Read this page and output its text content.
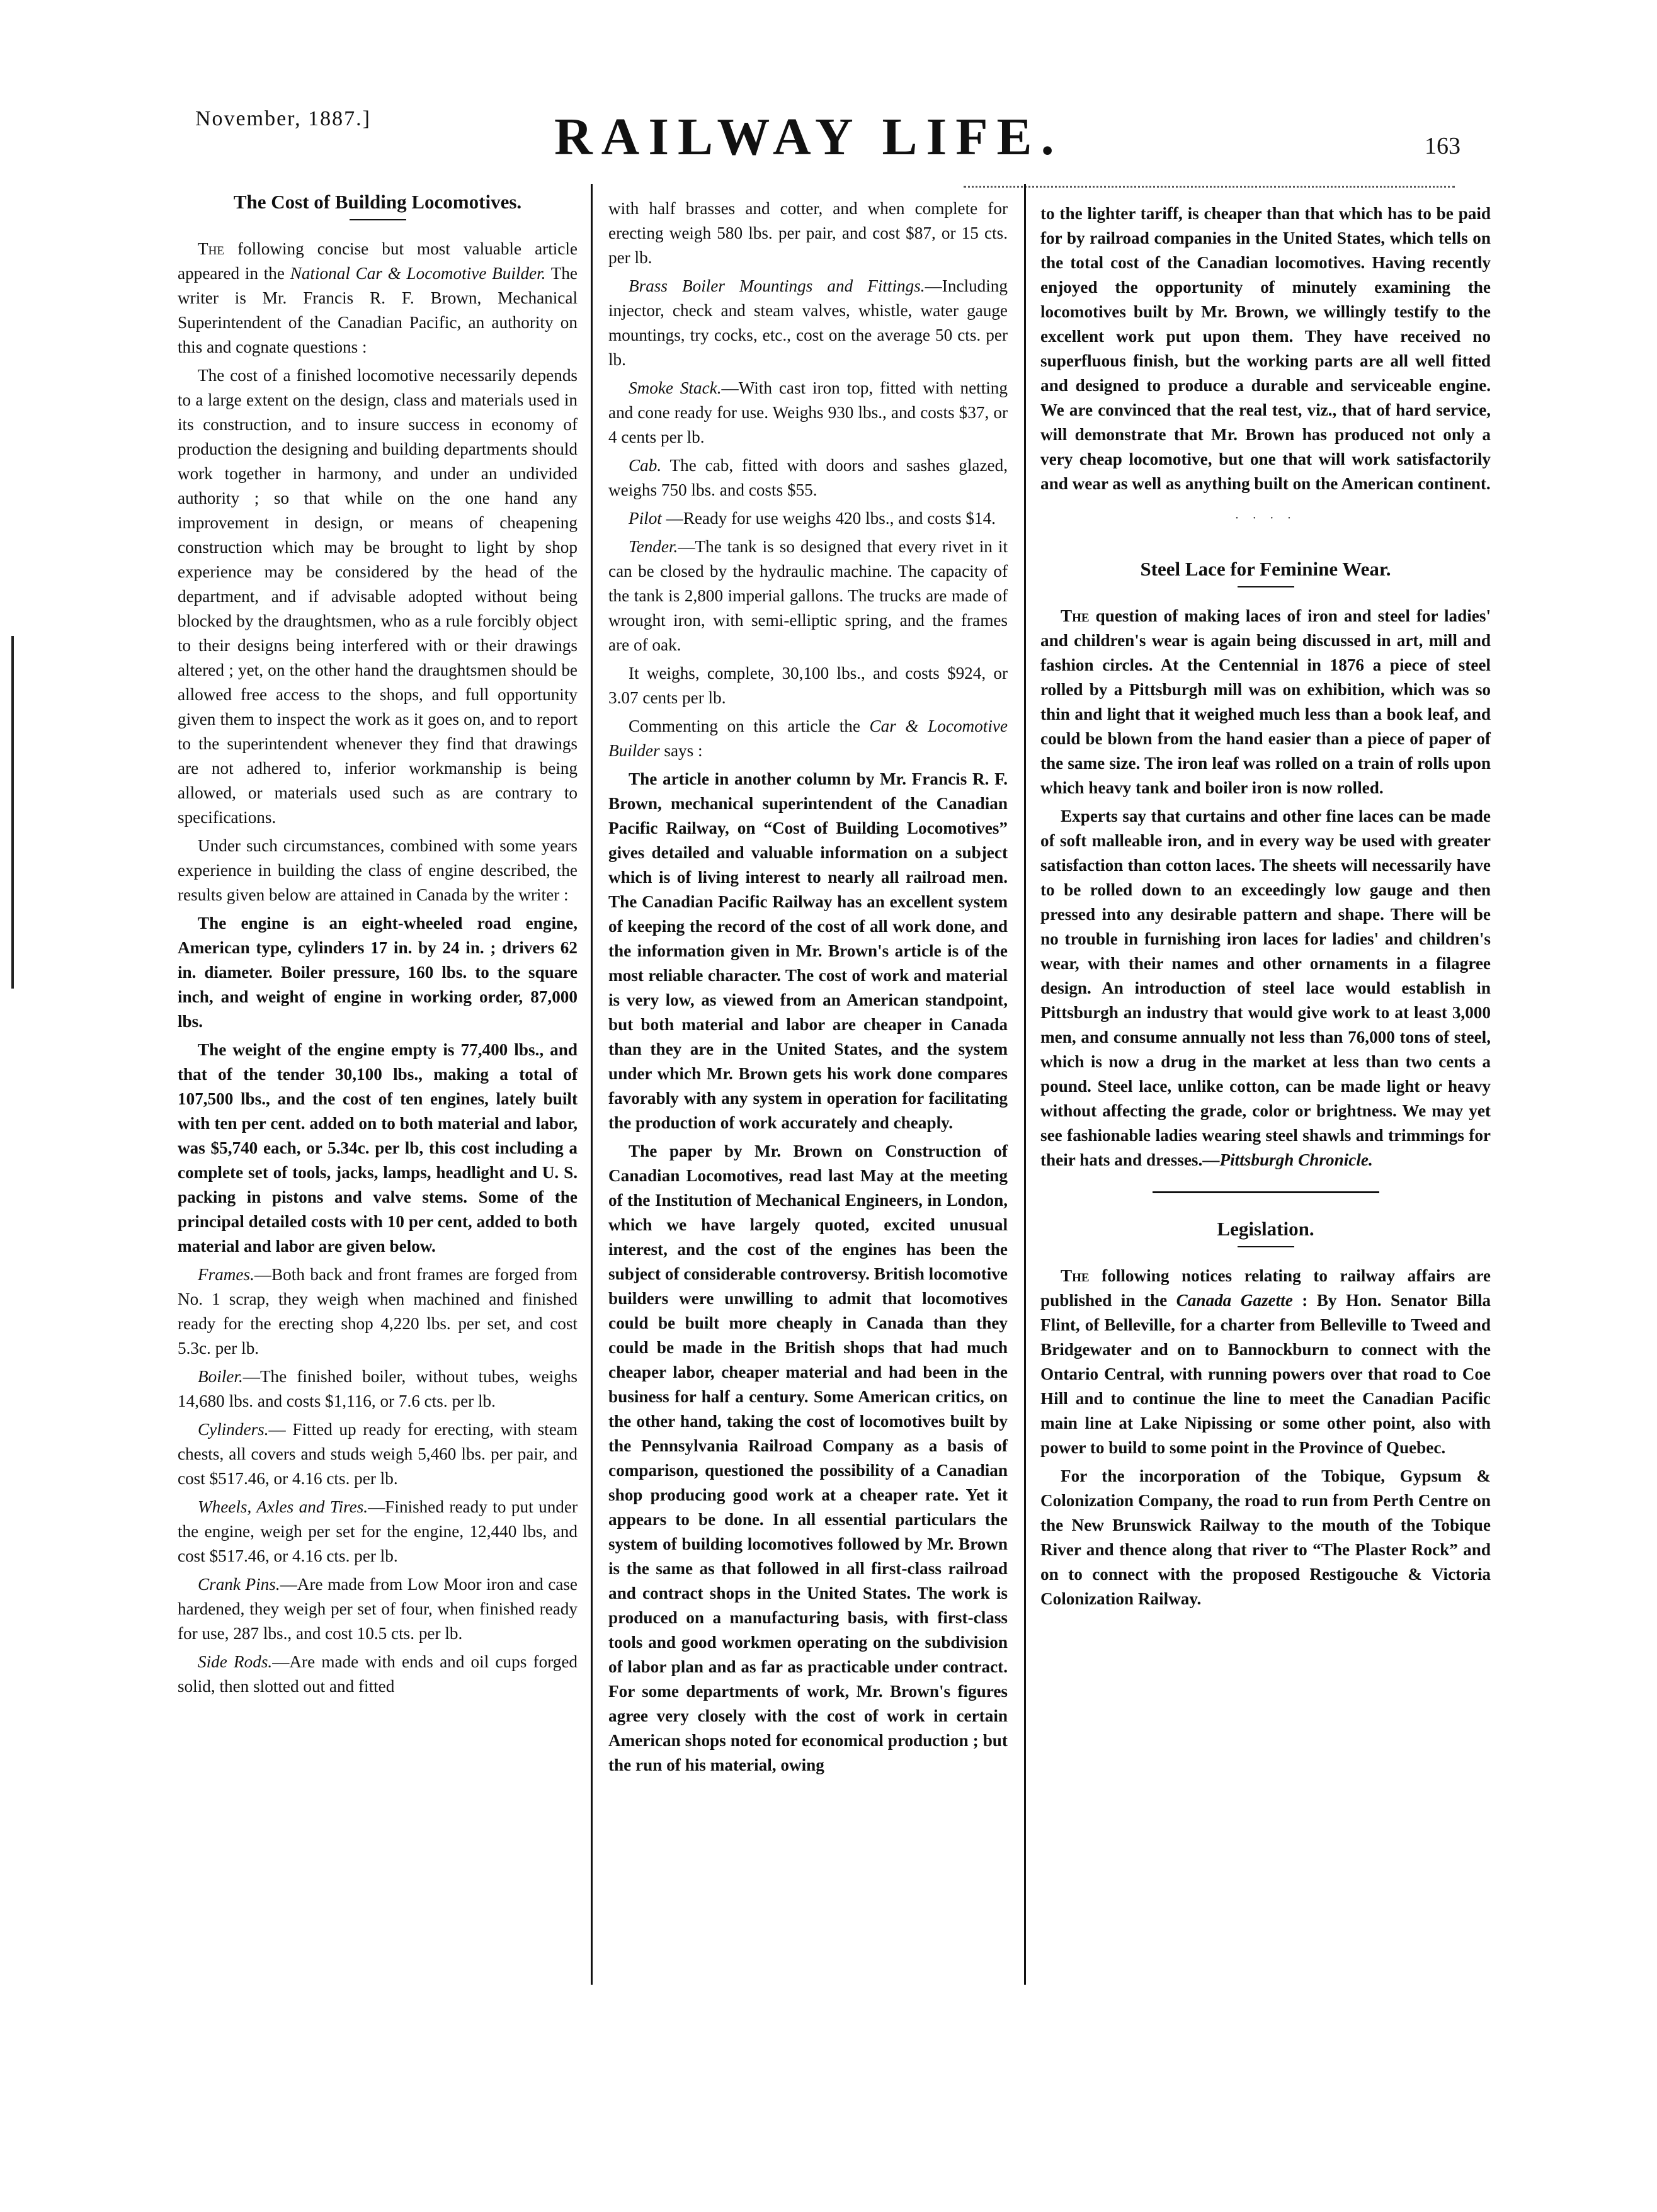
November, 1887.]	RAILWAY LIFE.	163
The Cost of Building Locomotives.

The following concise but most valuable article appeared in the National Car & Locomotive Builder. The writer is Mr. Francis R. F. Brown, Mechanical Superintendent of the Canadian Pacific, an authority on this and cognate questions :

The cost of a finished locomotive necessarily depends to a large extent on the design, class and materials used in its construction, and to insure success in economy of production the designing and building departments should work together in harmony, and under an undivided authority ; so that while on the one hand any improvement in design, or means of cheapening construction which may be brought to light by shop experience may be considered by the head of the department, and if advisable adopted without being blocked by the draughtsmen, who as a rule forcibly object to their designs being interfered with or their drawings altered ; yet, on the other hand the draughtsmen should be allowed free access to the shops, and full opportunity given them to inspect the work as it goes on, and to report to the superintendent whenever they find that drawings are not adhered to, inferior workmanship is being allowed, or materials used such as are contrary to specifications.

Under such circumstances, combined with some years experience in building the class of engine described, the results given below are attained in Canada by the writer :

The engine is an eight-wheeled road engine, American type, cylinders 17 in. by 24 in. ; drivers 62 in. diameter. Boiler pressure, 160 lbs. to the square inch, and weight of engine in working order, 87,000 lbs.

The weight of the engine empty is 77,400 lbs., and that of the tender 30,100 lbs., making a total of 107,500 lbs., and the cost of ten engines, lately built with ten per cent. added on to both material and labor, was $5,740 each, or 5.34c. per lb, this cost including a complete set of tools, jacks, lamps, headlight and U. S. packing in pistons and valve stems. Some of the principal detailed costs with 10 per cent, added to both material and labor are given below.

Frames.—Both back and front frames are forged from No. 1 scrap, they weigh when machined and finished ready for the erecting shop 4,220 lbs. per set, and cost 5.3c. per lb.

Boiler.—The finished boiler, without tubes, weighs 14,680 lbs. and costs $1,116, or 7.6 cts. per lb.

Cylinders.— Fitted up ready for erecting, with steam chests, all covers and studs weigh 5,460 lbs. per pair, and cost $517.46, or 4.16 cts. per lb.

Wheels, Axles and Tires.—Finished ready to put under the engine, weigh per set for the engine, 12,440 lbs, and cost $517.46, or 4.16 cts. per lb.

Crank Pins.—Are made from Low Moor iron and case hardened, they weigh per set of four, when finished ready for use, 287 lbs., and cost 10.5 cts. per lb.

Side Rods.—Are made with ends and oil cups forged solid, then slotted out and fitted

with half brasses and cotter, and when complete for erecting weigh 580 lbs. per pair, and cost $87, or 15 cts. per lb.

Brass Boiler Mountings and Fittings.—Including injector, check and steam valves, whistle, water gauge mountings, try cocks, etc., cost on the average 50 cts. per lb.

Smoke Stack.—With cast iron top, fitted with netting and cone ready for use. Weighs 930 lbs., and costs $37, or 4 cents per lb.

Cab. The cab, fitted with doors and sashes glazed, weighs 750 lbs. and costs $55.

Pilot —Ready for use weighs 420 lbs., and costs $14.

Tender.—The tank is so designed that every rivet in it can be closed by the hydraulic machine. The capacity of the tank is 2,800 imperial gallons. The trucks are made of wrought iron, with semi-elliptic spring, and the frames are of oak.

It weighs, complete, 30,100 lbs., and costs $924, or 3.07 cents per lb.

Commenting on this article the Car & Locomotive Builder says :

The article in another column by Mr. Francis R. F. Brown, mechanical superintendent of the Canadian Pacific Railway, on “Cost of Building Locomotives” gives detailed and valuable information on a subject which is of living interest to nearly all railroad men. The Canadian Pacific Railway has an excellent system of keeping the record of the cost of all work done, and the information given in Mr. Brown's article is of the most reliable character. The cost of work and material is very low, as viewed from an American standpoint, but both material and labor are cheaper in Canada than they are in the United States, and the system under which Mr. Brown gets his work done compares favorably with any system in operation for facilitating the production of work accurately and cheaply.

The paper by Mr. Brown on Construction of Canadian Locomotives, read last May at the meeting of the Institution of Mechanical Engineers, in London, which we have largely quoted, excited unusual interest, and the cost of the engines has been the subject of considerable controversy. British locomotive builders were unwilling to admit that locomotives could be built more cheaply in Canada than they could be made in the British shops that had much cheaper labor, cheaper material and had been in the business for half a century. Some American critics, on the other hand, taking the cost of locomotives built by the Pennsylvania Railroad Company as a basis of comparison, questioned the possibility of a Canadian shop producing good work at a cheaper rate. Yet it appears to be done. In all essential particulars the system of building locomotives followed by Mr. Brown is the same as that followed in all first-class railroad and contract shops in the United States. The work is produced on a manufacturing basis, with first-class tools and good workmen operating on the subdivision of labor plan and as far as practicable under contract. For some departments of work, Mr. Brown's figures agree very closely with the cost of work in certain American shops noted for economical production ; but the run of his material, owing

to the lighter tariff, is cheaper than that which has to be paid for by railroad companies in the United States, which tells on the total cost of the Canadian locomotives. Having recently enjoyed the opportunity of minutely examining the locomotives built by Mr. Brown, we willingly testify to the excellent work put upon them. They have received no superfluous finish, but the working parts are all well fitted and designed to produce a durable and serviceable engine. We are convinced that the real test, viz., that of hard service, will demonstrate that Mr. Brown has produced not only a very cheap locomotive, but one that will work satisfactorily and wear as well as anything built on the American continent.

· · · ·
Steel Lace for Feminine Wear.

The question of making laces of iron and steel for ladies' and children's wear is again being discussed in art, mill and fashion circles. At the Centennial in 1876 a piece of steel rolled by a Pittsburgh mill was on exhibition, which was so thin and light that it weighed much less than a book leaf, and could be blown from the hand easier than a piece of paper of the same size. The iron leaf was rolled on a train of rolls upon which heavy tank and boiler iron is now rolled.

Experts say that curtains and other fine laces can be made of soft malleable iron, and in every way be used with greater satisfaction than cotton laces. The sheets will necessarily have to be rolled down to an exceedingly low gauge and then pressed into any desirable pattern and shape. There will be no trouble in furnishing iron laces for ladies' and children's wear, with their names and other ornaments in a filagree design. An introduction of steel lace would establish in Pittsburgh an industry that would give work to at least 3,000 men, and consume annually not less than 76,000 tons of steel, which is now a drug in the market at less than two cents a pound. Steel lace, unlike cotton, can be made light or heavy without affecting the grade, color or brightness. We may yet see fashionable ladies wearing steel shawls and trimmings for their hats and dresses.—Pittsburgh Chronicle.

Legislation.

The following notices relating to railway affairs are published in the Canada Gazette : By Hon. Senator Billa Flint, of Belleville, for a charter from Belleville to Tweed and Bridgewater and on to Bannockburn to connect with the Ontario Central, with running powers over that road to Coe Hill and to continue the line to meet the Canadian Pacific main line at Lake Nipissing or some other point, also with power to build to some point in the Province of Quebec.

For the incorporation of the Tobique, Gypsum & Colonization Company, the road to run from Perth Centre on the New Brunswick Railway to the mouth of the Tobique River and thence along that river to “The Plaster Rock” and on to connect with the proposed Restigouche & Victoria Colonization Railway.
